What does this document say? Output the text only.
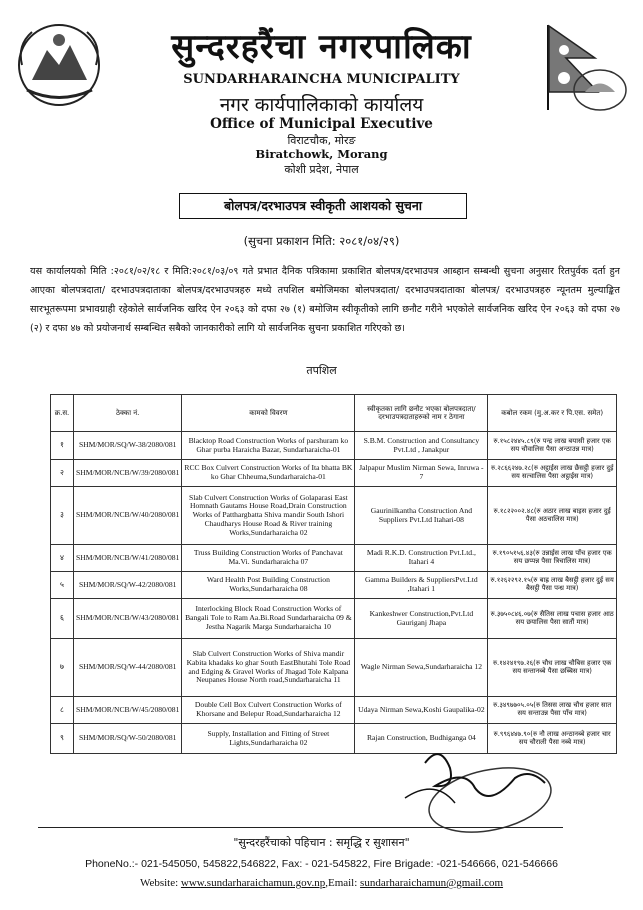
सुन्दरहरैंचा नगरपालिका
SUNDARHARAINCHA MUNICIPALITY
नगर कार्यपालिकाको कार्यालय
Office of Municipal Executive
विराटचौक, मोरङ
Biratchowk, Morang
कोशी प्रदेश, नेपाल
बोलपत्र/दरभाउपत्र स्वीकृती आशयको सुचना
(सुचना प्रकाशन मिति: २०८१/०४/२९)
यस कार्यालयको मिति :२०८१/०२/१८ र मिति:२०८१/०३/०९ गते प्रभात दैनिक पत्रिकामा प्रकाशित बोलपत्र/दरभाउपत्र आब्हान सम्बन्धी सुचना अनुसार रितपुर्वक दर्ता हुन आएका बोलपत्रदाता/ दरभाउपत्रदाताका बोलपत्र/दरभाउपत्रहरु मध्ये तपशिल बमोजिमका बोलपत्रदाता/ दरभाउपत्रदाताका बोलपत्र/ दरभाउपत्रहरु न्यूनतम मुल्याङ्कित सारभूतरूपमा प्रभावग्राही रहेकोले सार्वजनिक खरिद ऐन २०६३ को दफा २७ (१) बमोजिम स्वीकृतीको लागि छनौट गरीने भएकोले सार्वजनिक खरिद ऐन २०६३ को दफा २७ (२) र दफा ४७ को प्रयोजनार्थ सम्बन्धित सबैको जानकारीको लागि यो सार्वजनिक सुचना प्रकाशित गरिएको छ।
तपशिल
क्र.स.	ठेक्का नं.	कामको विवरण	स्वीकृतका लागि छनौट भएका बोलपत्रदाता/दरभाउपत्रदाताहरुको नाम र ठेगाना	कबोल रकम (मु.अ.कर र पि.एस. समेत)
१	SHM/MOR/SQ/W-38/2080/081	Blacktop Road Construction Works of parshuram ko Ghar purba Haraicha Bazar, Sundarharaicha-01	S.B.M. Construction and Consultancy Pvt.Ltd , Janakpur	रु.१५८२४४५.८९(रु पन्द्र लाख बयासी हजार एक सय चौवालिस पैसा अन्ठाउन्न मात्र)
२	SHM/MOR/NCB/W/39/2080/081	RCC Box Culvert Construction Works of Ita bhatta BK ko Ghar Chheuma,Sundarharaicha-01	Jalpapur Muslim Nirman Sewa, Inruwa - 7	रु.२८६६२४७.२८(रु अट्ठाईस लाख छैसट्ठी हजार दुई सय सत्चालिस पैसा अट्ठाईस मात्र)
३	SHM/MOR/NCB/W/40/2080/081	Slab Culvert Construction Works of Golaparasi East Homnath Gautams House Road,Drain Construction Works of Patthargbatta Shiva mandir South Ishori Chaudharys House Road & River training Works,Sundarharaicha 02	Gaurinilkantha Construction And Suppliers Pvt.Ltd Itahari-08	रु.१८२२००२.४८(रु अठार लाख बाइस हजार दुई पैसा अठचालिस मात्र)
४	SHM/MOR/NCB/W/41/2080/081	Truss Building Construction Works of Panchavat Ma.Vi. Sundarharaicha 07	Madi R.K.D. Construction Pvt.Ltd., Itahari 4	रु.१९०५१५६.४३(रु उन्नाईस लाख पाँच हजार एक सय छप्पन्न पैसा त्रिचालिस मात्र)
५	SHM/MOR/SQ/W-42/2080/081	Ward Health Post Building Construction Works,Sundarharaicha 08	Gamma Builders & SuppliersPvt.Ltd ,Itahari 1	रु.१२६२२९२.१५(रु बाह्र लाख बैसट्ठी हजार दुई सय बैसट्ठी पैसा पन्ध्र मात्र)
६	SHM/MOR/NCB/W/43/2080/081	Interlocking Block Road Construction Works of Bangali Tole to Ram Aa.Bi.Road Sundarharaicha 09 & Jestha Nagarik Marga Sundarharaicha 10	Kankeshwer Construction,Pvt.Ltd Gauriganj Jhapa	रु.३७५०८४६.०७(रु सैतिस लाख पचास हजार आठ सय छयालिस पैसा सातौं मात्र)
७	SHM/MOR/SQ/W-44/2080/081	Slab Culvert Construction Works of Shiva mandir Kabita khadaks ko ghar South EastBhutahi Tole Road and Edging & Gravel Works of Jhagad Tole Kalpana Neupanes House North road,Sundarharaicha 11	Wagle Nirman Sewa,Sundarharaicha 12	रु.१४२४१९७.२६(रु चौध लाख चौबिस हजार एक सय सन्तानब्बे पैसा छब्बिस मात्र)
८	SHM/MOR/NCB/W/45/2080/081	Double Cell Box Culvert Construction Works of Khorsane and Belepur Road,Sundarharaicha 12	Udaya Nirman Sewa,Koshi Gaupalika-02	रु.३४९७७०५.०५(रु तिसस लाख चौध हजार सात सय सन्ताउन्न पैसा पाँच मात्र)
९	SHM/MOR/SQ/W-50/2080/081	Supply, Installation and Fitting of Street Lights,Sundarharaicha 02	Rajan Construction, Budhiganga 04	रु.९९६४४७.९०(रु नौ लाख अन्ठानब्बे हजार चार सय चौराली पैसा नब्बे मात्र)
"सुन्दरहरैंचाको पहिचान : समृद्धि र सुशासन"
PhoneNo.:- 021-545050, 545822,546822, Fax: - 021-545822, Fire Brigade: -021-546666, 021-546666
Website: www.sundarharaichamun.gov.np,Email: sundarharaichamun@gmail.com
